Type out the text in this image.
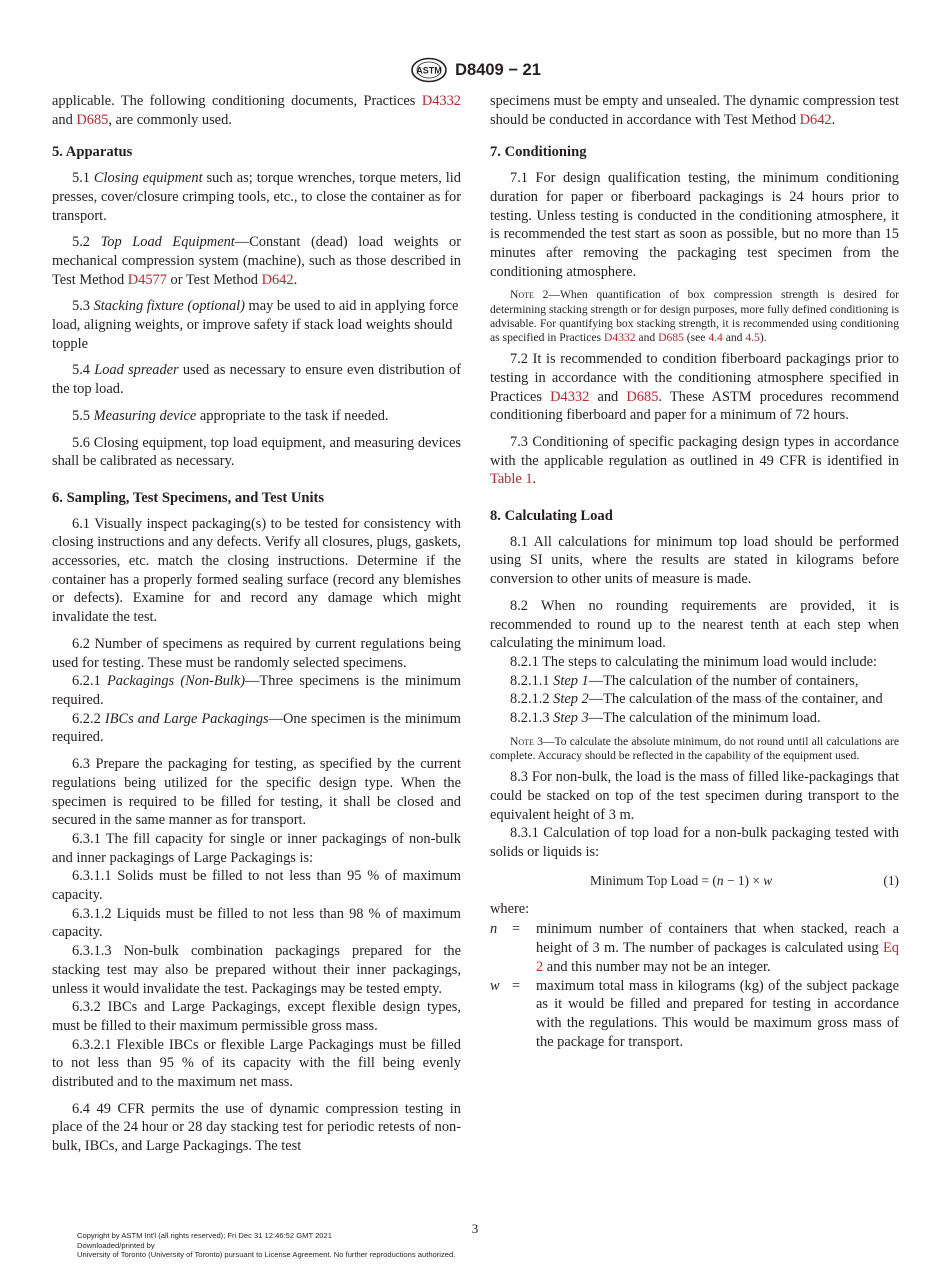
ASTM D8409 − 21

applicable. The following conditioning documents, Practices D4332 and D685, are commonly used.

5. Apparatus

5.1 Closing equipment such as; torque wrenches, torque meters, lid presses, cover/closure crimping tools, etc., to close the container as for transport.

5.2 Top Load Equipment—Constant (dead) load weights or mechanical compression system (machine), such as those described in Test Method D4577 or Test Method D642.

5.3 Stacking fixture (optional) may be used to aid in applying force load, aligning weights, or improve safety if stack load weights should topple

5.4 Load spreader used as necessary to ensure even distribution of the top load.

5.5 Measuring device appropriate to the task if needed.

5.6 Closing equipment, top load equipment, and measuring devices shall be calibrated as necessary.

6. Sampling, Test Specimens, and Test Units

6.1 Visually inspect packaging(s) to be tested for consistency with closing instructions and any defects. Verify all closures, plugs, gaskets, accessories, etc. match the closing instructions. Determine if the container has a properly formed sealing surface (record any blemishes or defects). Examine for and record any damage which might invalidate the test.

6.2 Number of specimens as required by current regulations being used for testing. These must be randomly selected specimens.

6.2.1 Packagings (Non-Bulk)—Three specimens is the minimum required.

6.2.2 IBCs and Large Packagings—One specimen is the minimum required.

6.3 Prepare the packaging for testing, as specified by the current regulations being utilized for the specific design type. When the specimen is required to be filled for testing, it shall be closed and secured in the same manner as for transport.

6.3.1 The fill capacity for single or inner packagings of non-bulk and inner packagings of Large Packagings is:

6.3.1.1 Solids must be filled to not less than 95 % of maximum capacity.

6.3.1.2 Liquids must be filled to not less than 98 % of maximum capacity.

6.3.1.3 Non-bulk combination packagings prepared for the stacking test may also be prepared without their inner packagings, unless it would invalidate the test. Packagings may be tested empty.

6.3.2 IBCs and Large Packagings, except flexible design types, must be filled to their maximum permissible gross mass.

6.3.2.1 Flexible IBCs or flexible Large Packagings must be filled to not less than 95 % of its capacity with the fill being evenly distributed and to the maximum net mass.

6.4 49 CFR permits the use of dynamic compression testing in place of the 24 hour or 28 day stacking test for periodic retests of non-bulk, IBCs, and Large Packagings. The test

specimens must be empty and unsealed. The dynamic compression test should be conducted in accordance with Test Method D642.

7. Conditioning

7.1 For design qualification testing, the minimum conditioning duration for paper or fiberboard packagings is 24 hours prior to testing. Unless testing is conducted in the conditioning atmosphere, it is recommended the test start as soon as possible, but no more than 15 minutes after removing the packaging test specimen from the conditioning atmosphere.

Note 2—When quantification of box compression strength is desired for determining stacking strength or for design purposes, more fully defined conditioning is advisable. For quantifying box stacking strength, it is recommended using conditioning as specified in Practices D4332 and D685 (see 4.4 and 4.5).

7.2 It is recommended to condition fiberboard packagings prior to testing in accordance with the conditioning atmosphere specified in Practices D4332 and D685. These ASTM procedures recommend conditioning fiberboard and paper for a minimum of 72 hours.

7.3 Conditioning of specific packaging design types in accordance with the applicable regulation as outlined in 49 CFR is identified in Table 1.

8. Calculating Load

8.1 All calculations for minimum top load should be performed using SI units, where the results are stated in kilograms before conversion to other units of measure is made.

8.2 When no rounding requirements are provided, it is recommended to round up to the nearest tenth at each step when calculating the minimum load.

8.2.1 The steps to calculating the minimum load would include:

8.2.1.1 Step 1—The calculation of the number of containers,

8.2.1.2 Step 2—The calculation of the mass of the container, and

8.2.1.3 Step 3—The calculation of the minimum load.

Note 3—To calculate the absolute minimum, do not round until all calculations are complete. Accuracy should be reflected in the capability of the equipment used.

8.3 For non-bulk, the load is the mass of filled like-packagings that could be stacked on top of the test specimen during transport to the equivalent height of 3 m.

8.3.1 Calculation of top load for a non-bulk packaging tested with solids or liquids is:

Minimum Top Load = (n − 1) × w	(1)

where:

n	=	minimum number of containers that when stacked, reach a height of 3 m. The number of packages is calculated using Eq 2 and this number may not be an integer.
w	=	maximum total mass in kilograms (kg) of the subject package as it would be filled and prepared for testing in accordance with the regulations. This would be maximum gross mass of the package for transport.
3
Copyright by ASTM Int'l (all rights reserved); Fri Dec 31 12:46:52 GMT 2021
Downloaded/printed by
University of Toronto (University of Toronto) pursuant to License Agreement. No further reproductions authorized.
